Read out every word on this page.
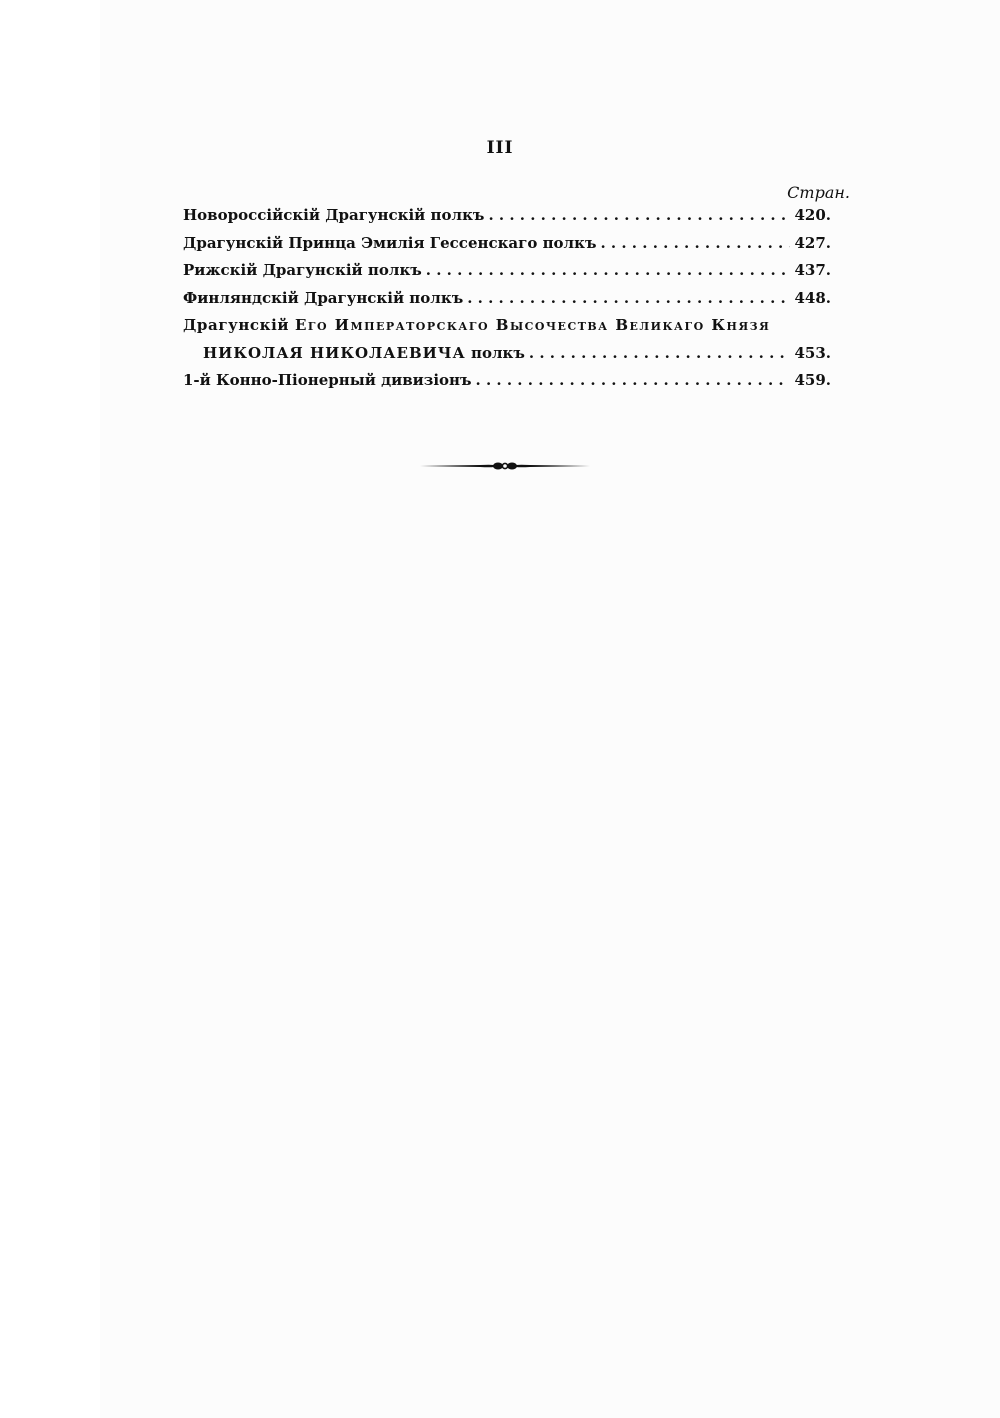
III
Стран.
Новороссійскій Драгунскій полкъ . . .	420.
Драгунскій Принца Эмилія Гессенскаго полкъ . . .	427.
Рижскій Драгунскій полкъ . . .	437.
Финляндскій Драгунскій полкъ . . .	448.
Драгунскій Его Императорскаго Высочества Великаго Князя
НИКОЛАЯ НИКОЛАЕВИЧА полкъ . . .	453.
1-й Конно-Піонерный дивизіонъ . . .	459.
